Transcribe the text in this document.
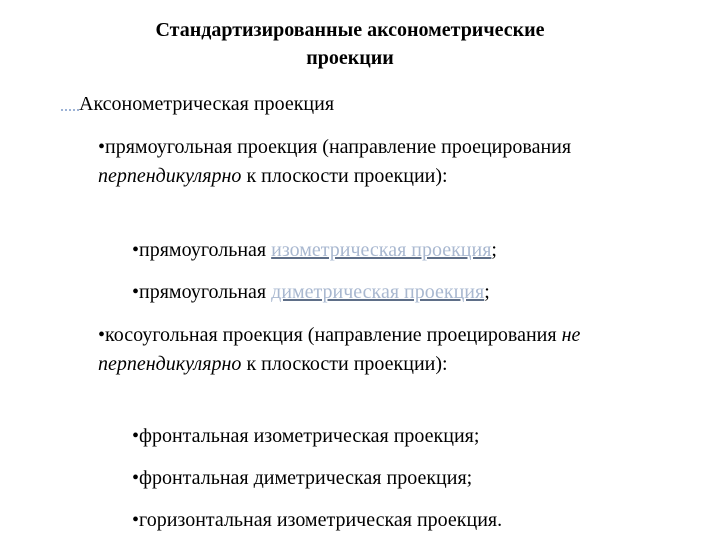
Стандартизированные аксонометрические
проекции
Аксонометрическая проекция
•прямоугольная проекция (направление проецирования перпендикулярно к плоскости проекции):
•прямоугольная изометрическая проекция;
•прямоугольная диметрическая проекция;
•косоугольная проекция (направление проецирования не перпендикулярно к плоскости проекции):
•фронтальная изометрическая проекция;
•фронтальная диметрическая проекция;
•горизонтальная изометрическая проекция.
